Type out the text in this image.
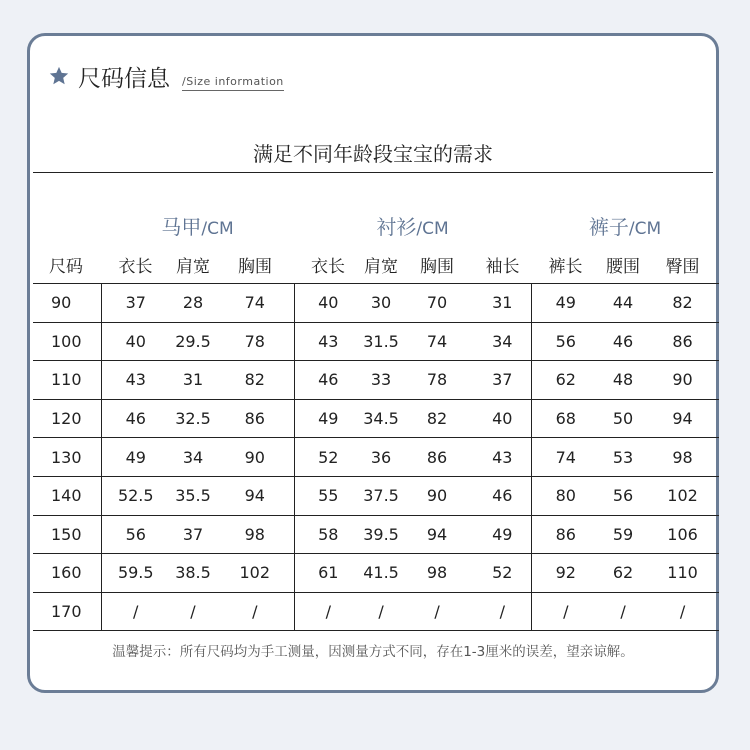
尺码信息 /Size information
满足不同年龄段宝宝的需求
	马甲/CM			衬衫/CM				裤子/CM		
尺码	衣长	肩宽	胸围	衣长	肩宽	胸围	袖长	裤长	腰围	臀围
90	37	28	74	40	30	70	31	49	44	82
100	40	29.5	78	43	31.5	74	34	56	46	86
110	43	31	82	46	33	78	37	62	48	90
120	46	32.5	86	49	34.5	82	40	68	50	94
130	49	34	90	52	36	86	43	74	53	98
140	52.5	35.5	94	55	37.5	90	46	80	56	102
150	56	37	98	58	39.5	94	49	86	59	106
160	59.5	38.5	102	61	41.5	98	52	92	62	110
170	/	/	/	/	/	/	/	/	/	/
温馨提示：所有尺码均为手工测量，因测量方式不同，存在1-3厘米的误差，望亲谅解。
